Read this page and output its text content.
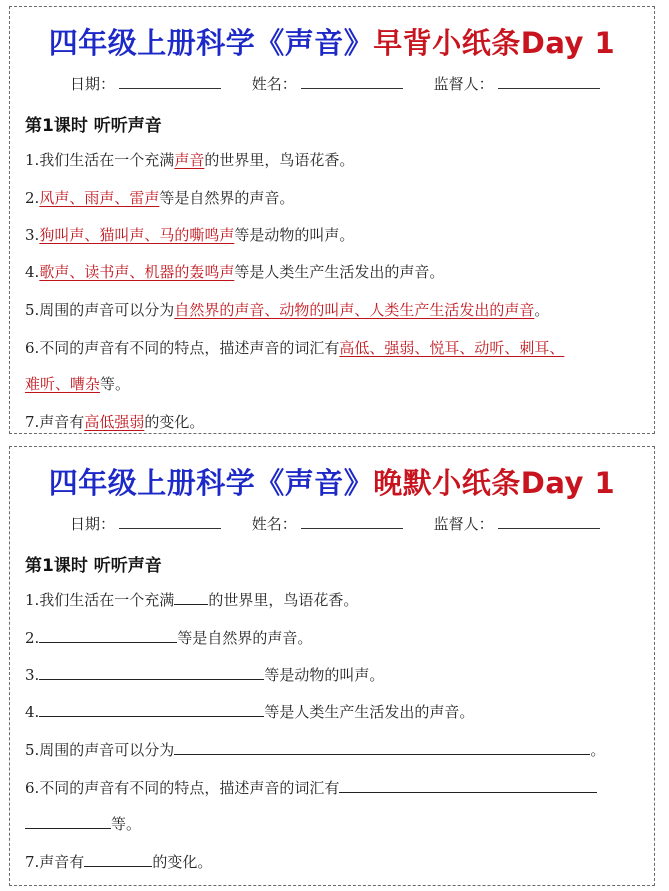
四年级上册科学《声音》早背小纸条Day 1
日期：	姓名：	监督人：
第1课时 听听声音
1.我们生活在一个充满声音的世界里，鸟语花香。
2.风声、雨声、雷声等是自然界的声音。
3.狗叫声、猫叫声、马的嘶鸣声等是动物的叫声。
4.歌声、读书声、机器的轰鸣声等是人类生产生活发出的声音。
5.周围的声音可以分为自然界的声音、动物的叫声、人类生产生活发出的声音。
6.不同的声音有不同的特点，描述声音的词汇有高低、强弱、悦耳、动听、刺耳、
难听、嘈杂等。
7.声音有高低强弱的变化。
四年级上册科学《声音》晚默小纸条Day 1
日期：	姓名：	监督人：
第1课时 听听声音
1.我们生活在一个充满 的世界里，鸟语花香。
2.	等是自然界的声音。
3.	等是动物的叫声。
4.	等是人类生产生活发出的声音。
5.周围的声音可以分为	。
6.不同的声音有不同的特点，描述声音的词汇有
等。
7.声音有	的变化。
